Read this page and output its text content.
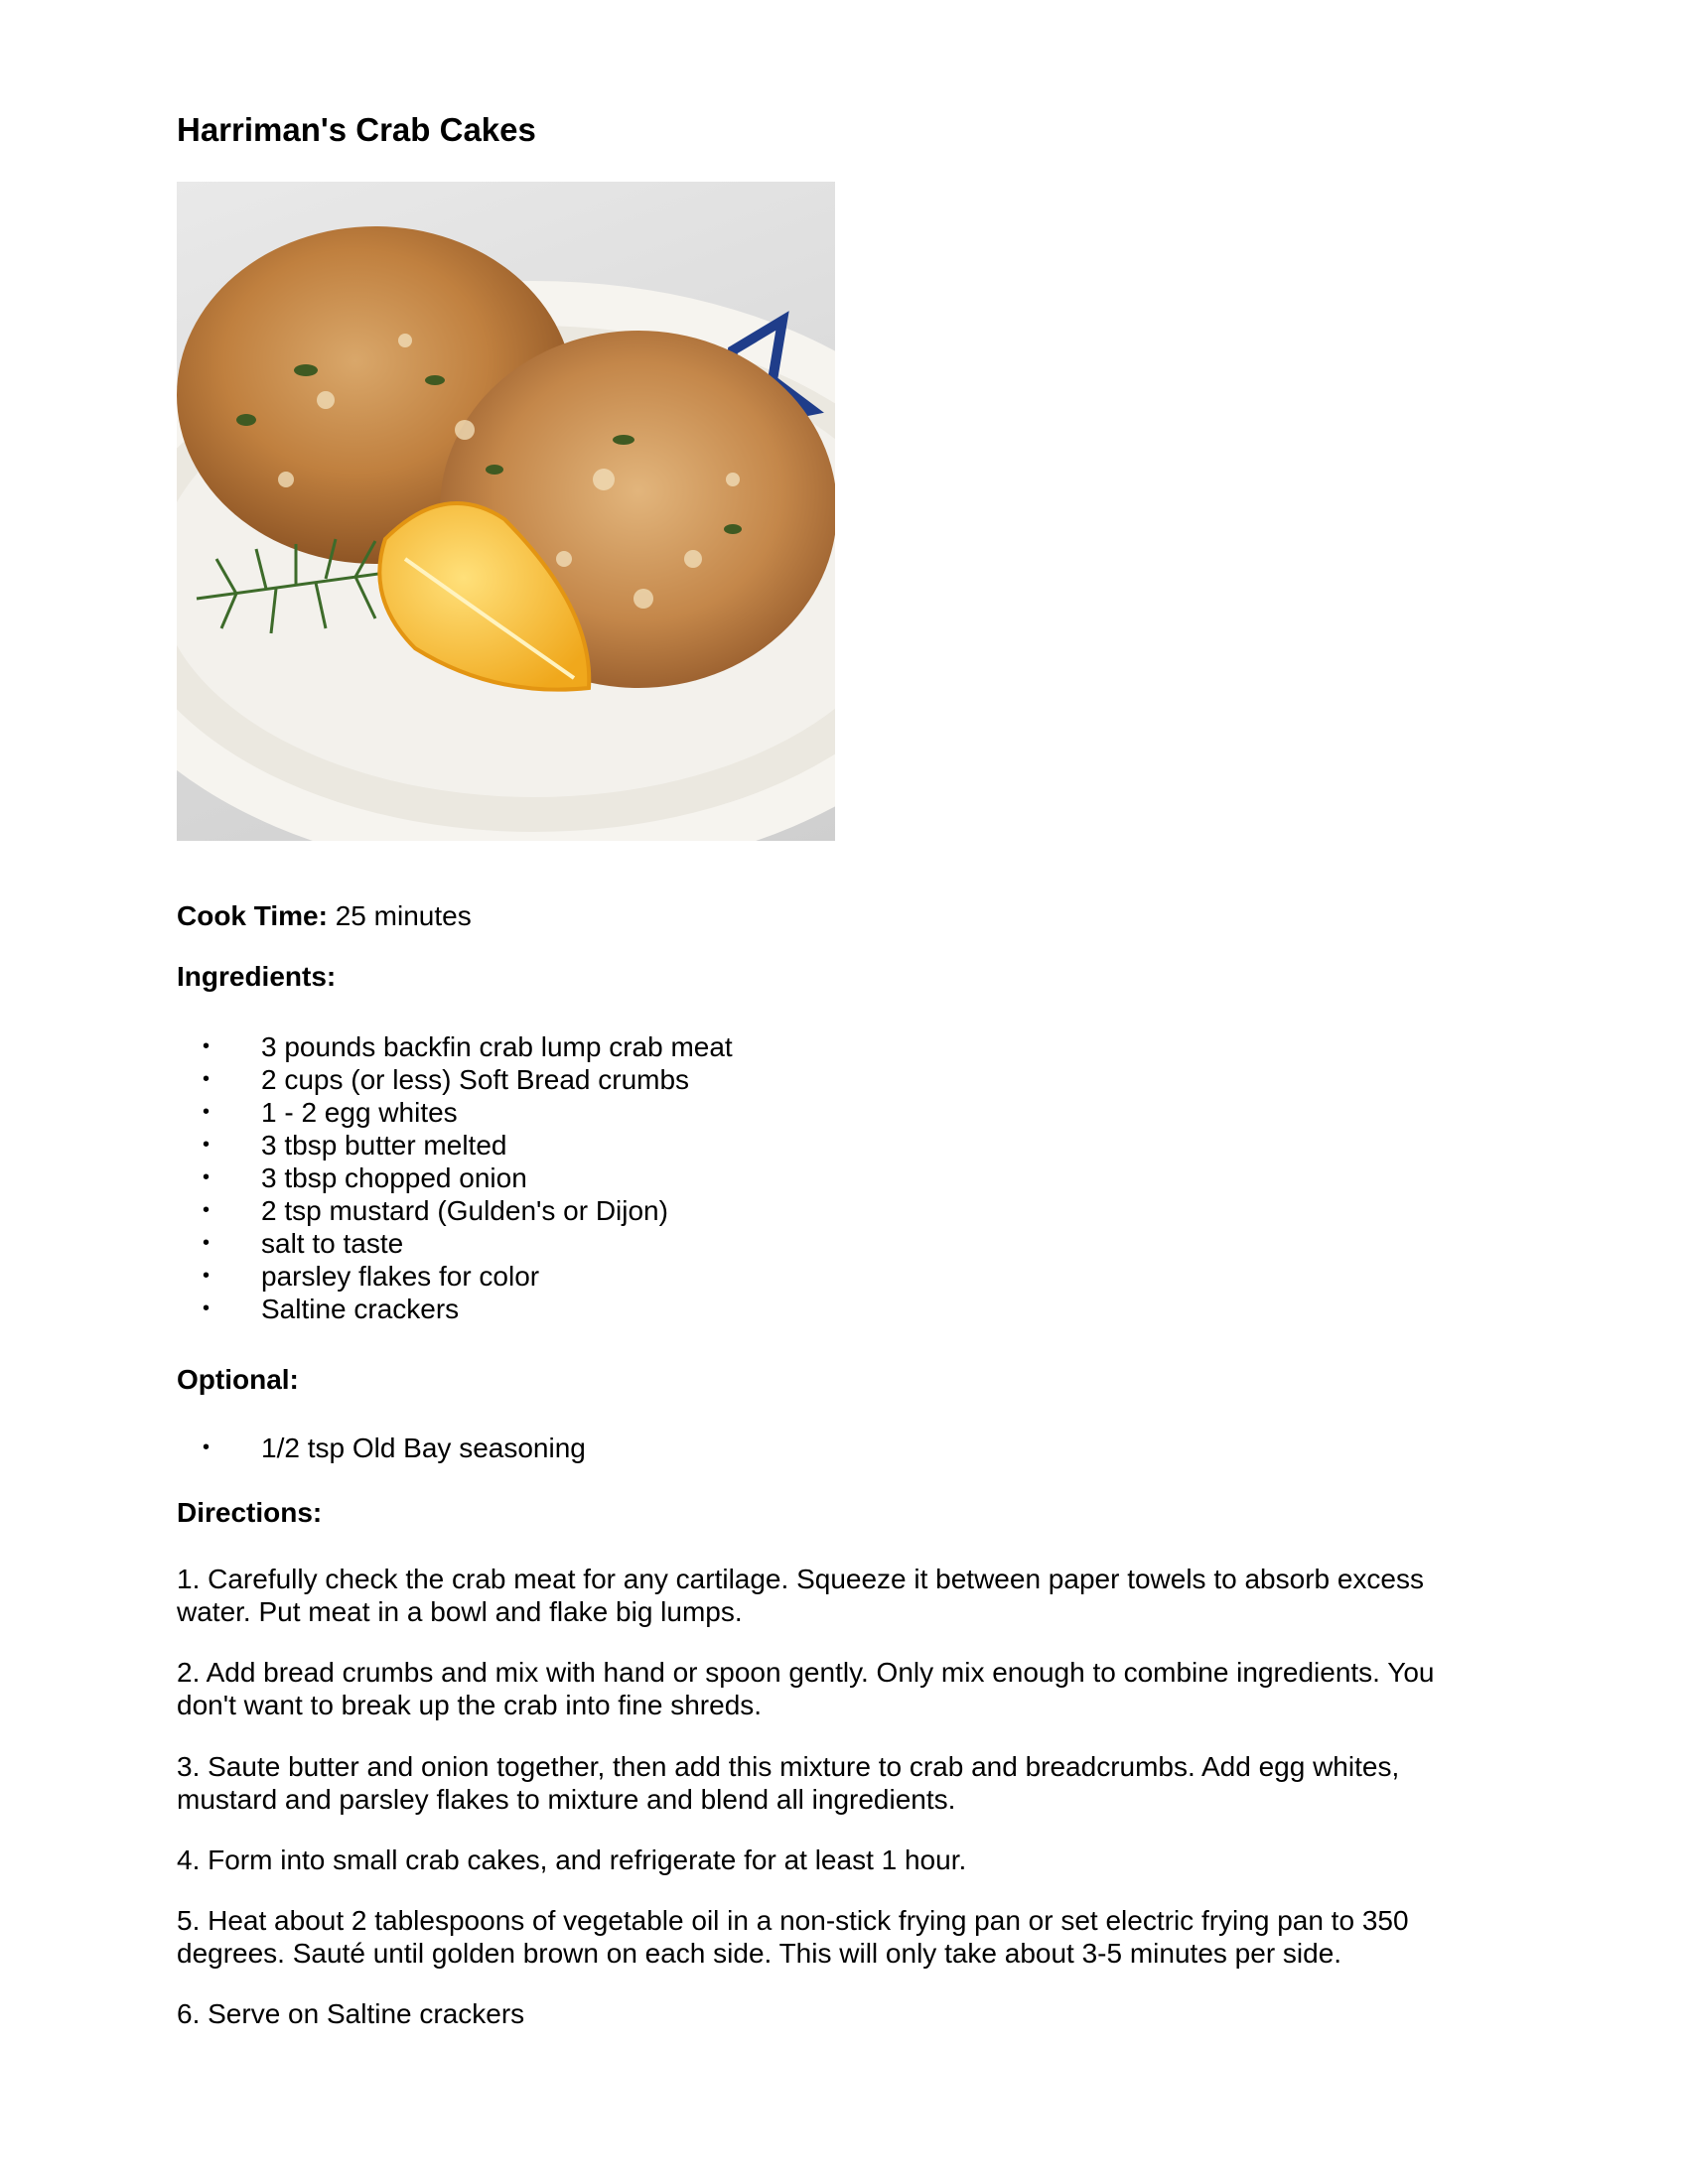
Harriman's Crab Cakes

Cook Time: 25 minutes

Ingredients:

• 3 pounds backfin crab lump crab meat
• 2 cups (or less) Soft Bread crumbs
• 1 - 2 egg whites
• 3 tbsp butter melted
• 3 tbsp chopped onion
• 2 tsp mustard (Gulden's or Dijon)
• salt to taste
• parsley flakes for color
• Saltine crackers

Optional:

• 1/2 tsp Old Bay seasoning

Directions:

1. Carefully check the crab meat for any cartilage. Squeeze it between paper towels to absorb excess water. Put meat in a bowl and flake big lumps.

2. Add bread crumbs and mix with hand or spoon gently. Only mix enough to combine ingredients. You don't want to break up the crab into fine shreds.

3. Saute butter and onion together, then add this mixture to crab and breadcrumbs. Add egg whites, mustard and parsley flakes to mixture and blend all ingredients.

4. Form into small crab cakes, and refrigerate for at least 1 hour.

5. Heat about 2 tablespoons of vegetable oil in a non-stick frying pan or set electric frying pan to 350 degrees. Sauté until golden brown on each side. This will only take about 3-5 minutes per side.

6. Serve on Saltine crackers
